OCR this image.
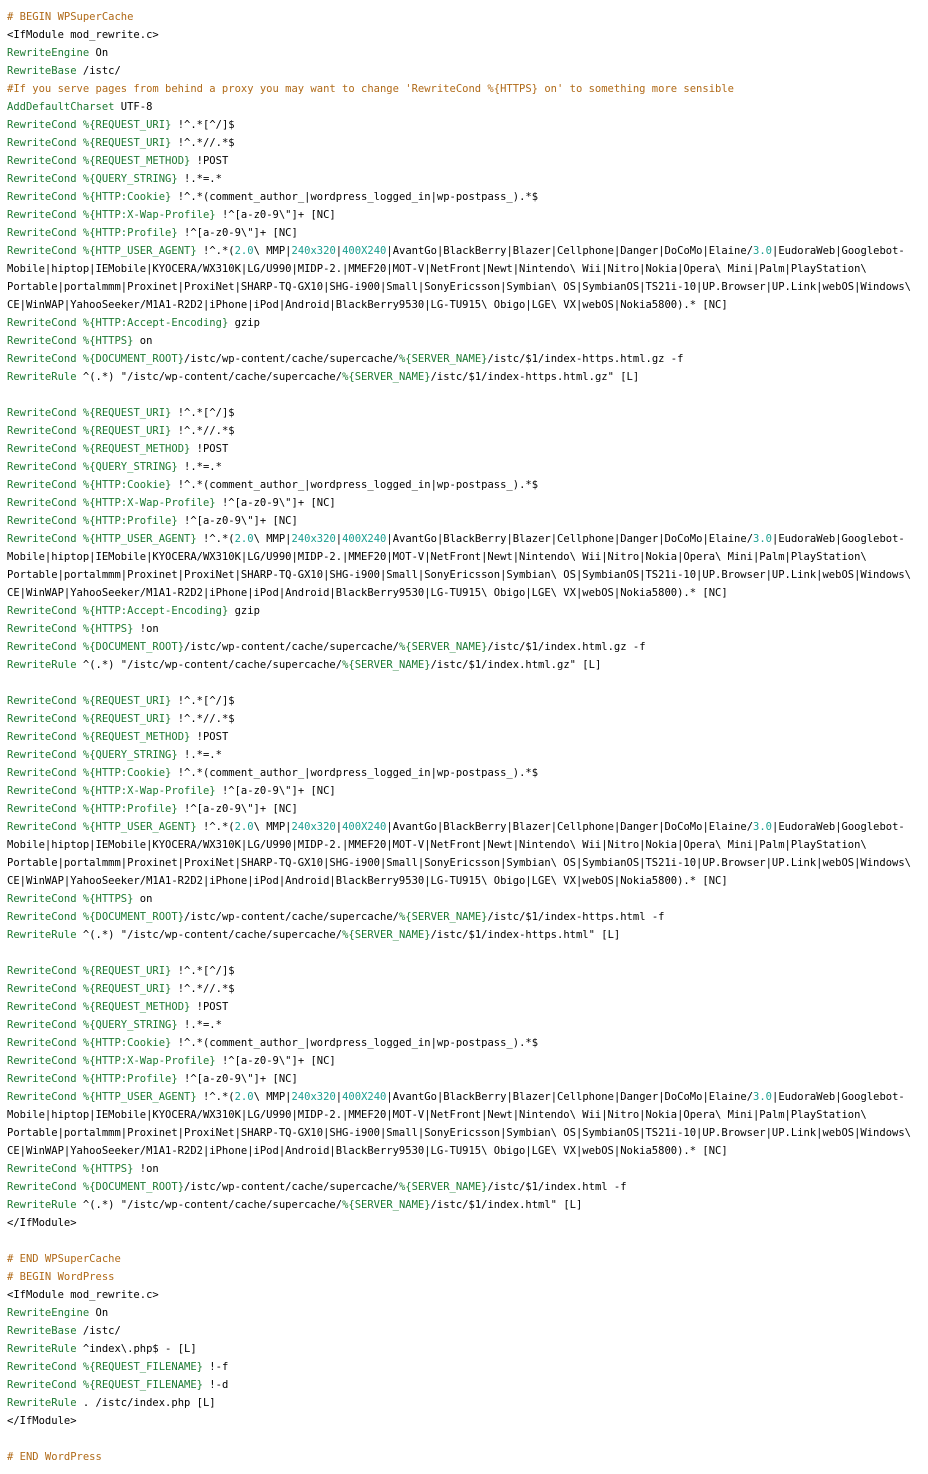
# BEGIN WPSuperCache
<IfModule mod_rewrite.c>
RewriteEngine On
RewriteBase /istc/
#If you serve pages from behind a proxy you may want to change 'RewriteCond %{HTTPS} on' to something more sensible
AddDefaultCharset UTF-8
RewriteCond %{REQUEST_URI} !^.*[^/]$
RewriteCond %{REQUEST_URI} !^.*//.*$
RewriteCond %{REQUEST_METHOD} !POST
RewriteCond %{QUERY_STRING} !.*=.*
RewriteCond %{HTTP:Cookie} !^.*(comment_author_|wordpress_logged_in|wp-postpass_).*$
RewriteCond %{HTTP:X-Wap-Profile} !^[a-z0-9\"]+ [NC]
RewriteCond %{HTTP:Profile} !^[a-z0-9\"]+ [NC]
RewriteCond %{HTTP_USER_AGENT} !^.*(2.0\ MMP|240x320|400X240|AvantGo|BlackBerry|Blazer|Cellphone|Danger|DoCoMo|Elaine/3.0|EudoraWeb|Googlebot-
Mobile|hiptop|IEMobile|KYOCERA/WX310K|LG/U990|MIDP-2.|MMEF20|MOT-V|NetFront|Newt|Nintendo\ Wii|Nitro|Nokia|Opera\ Mini|Palm|PlayStation\
Portable|portalmmm|Proxinet|ProxiNet|SHARP-TQ-GX10|SHG-i900|Small|SonyEricsson|Symbian\ OS|SymbianOS|TS21i-10|UP.Browser|UP.Link|webOS|Windows\
CE|WinWAP|YahooSeeker/M1A1-R2D2|iPhone|iPod|Android|BlackBerry9530|LG-TU915\ Obigo|LGE\ VX|webOS|Nokia5800).* [NC]
RewriteCond %{HTTP:Accept-Encoding} gzip
RewriteCond %{HTTPS} on
RewriteCond %{DOCUMENT_ROOT}/istc/wp-content/cache/supercache/%{SERVER_NAME}/istc/$1/index-https.html.gz -f
RewriteRule ^(.*) "/istc/wp-content/cache/supercache/%{SERVER_NAME}/istc/$1/index-https.html.gz" [L]
RewriteCond %{REQUEST_URI} !^.*[^/]$
RewriteCond %{REQUEST_URI} !^.*//.*$
RewriteCond %{REQUEST_METHOD} !POST
RewriteCond %{QUERY_STRING} !.*=.*
RewriteCond %{HTTP:Cookie} !^.*(comment_author_|wordpress_logged_in|wp-postpass_).*$
RewriteCond %{HTTP:X-Wap-Profile} !^[a-z0-9\"]+ [NC]
RewriteCond %{HTTP:Profile} !^[a-z0-9\"]+ [NC]
RewriteCond %{HTTP_USER_AGENT} !^.*(2.0\ MMP|240x320|400X240|AvantGo|BlackBerry|Blazer|Cellphone|Danger|DoCoMo|Elaine/3.0|EudoraWeb|Googlebot-
Mobile|hiptop|IEMobile|KYOCERA/WX310K|LG/U990|MIDP-2.|MMEF20|MOT-V|NetFront|Newt|Nintendo\ Wii|Nitro|Nokia|Opera\ Mini|Palm|PlayStation\
Portable|portalmmm|Proxinet|ProxiNet|SHARP-TQ-GX10|SHG-i900|Small|SonyEricsson|Symbian\ OS|SymbianOS|TS21i-10|UP.Browser|UP.Link|webOS|Windows\
CE|WinWAP|YahooSeeker/M1A1-R2D2|iPhone|iPod|Android|BlackBerry9530|LG-TU915\ Obigo|LGE\ VX|webOS|Nokia5800).* [NC]
RewriteCond %{HTTP:Accept-Encoding} gzip
RewriteCond %{HTTPS} !on
RewriteCond %{DOCUMENT_ROOT}/istc/wp-content/cache/supercache/%{SERVER_NAME}/istc/$1/index.html.gz -f
RewriteRule ^(.*) "/istc/wp-content/cache/supercache/%{SERVER_NAME}/istc/$1/index.html.gz" [L]
RewriteCond %{REQUEST_URI} !^.*[^/]$
RewriteCond %{REQUEST_URI} !^.*//.*$
RewriteCond %{REQUEST_METHOD} !POST
RewriteCond %{QUERY_STRING} !.*=.*
RewriteCond %{HTTP:Cookie} !^.*(comment_author_|wordpress_logged_in|wp-postpass_).*$
RewriteCond %{HTTP:X-Wap-Profile} !^[a-z0-9\"]+ [NC]
RewriteCond %{HTTP:Profile} !^[a-z0-9\"]+ [NC]
RewriteCond %{HTTP_USER_AGENT} !^.*(2.0\ MMP|240x320|400X240|AvantGo|BlackBerry|Blazer|Cellphone|Danger|DoCoMo|Elaine/3.0|EudoraWeb|Googlebot-
Mobile|hiptop|IEMobile|KYOCERA/WX310K|LG/U990|MIDP-2.|MMEF20|MOT-V|NetFront|Newt|Nintendo\ Wii|Nitro|Nokia|Opera\ Mini|Palm|PlayStation\
Portable|portalmmm|Proxinet|ProxiNet|SHARP-TQ-GX10|SHG-i900|Small|SonyEricsson|Symbian\ OS|SymbianOS|TS21i-10|UP.Browser|UP.Link|webOS|Windows\
CE|WinWAP|YahooSeeker/M1A1-R2D2|iPhone|iPod|Android|BlackBerry9530|LG-TU915\ Obigo|LGE\ VX|webOS|Nokia5800).* [NC]
RewriteCond %{HTTPS} on
RewriteCond %{DOCUMENT_ROOT}/istc/wp-content/cache/supercache/%{SERVER_NAME}/istc/$1/index-https.html -f
RewriteRule ^(.*) "/istc/wp-content/cache/supercache/%{SERVER_NAME}/istc/$1/index-https.html" [L]
RewriteCond %{REQUEST_URI} !^.*[^/]$
RewriteCond %{REQUEST_URI} !^.*//.*$
RewriteCond %{REQUEST_METHOD} !POST
RewriteCond %{QUERY_STRING} !.*=.*
RewriteCond %{HTTP:Cookie} !^.*(comment_author_|wordpress_logged_in|wp-postpass_).*$
RewriteCond %{HTTP:X-Wap-Profile} !^[a-z0-9\"]+ [NC]
RewriteCond %{HTTP:Profile} !^[a-z0-9\"]+ [NC]
RewriteCond %{HTTP_USER_AGENT} !^.*(2.0\ MMP|240x320|400X240|AvantGo|BlackBerry|Blazer|Cellphone|Danger|DoCoMo|Elaine/3.0|EudoraWeb|Googlebot-
Mobile|hiptop|IEMobile|KYOCERA/WX310K|LG/U990|MIDP-2.|MMEF20|MOT-V|NetFront|Newt|Nintendo\ Wii|Nitro|Nokia|Opera\ Mini|Palm|PlayStation\
Portable|portalmmm|Proxinet|ProxiNet|SHARP-TQ-GX10|SHG-i900|Small|SonyEricsson|Symbian\ OS|SymbianOS|TS21i-10|UP.Browser|UP.Link|webOS|Windows\
CE|WinWAP|YahooSeeker/M1A1-R2D2|iPhone|iPod|Android|BlackBerry9530|LG-TU915\ Obigo|LGE\ VX|webOS|Nokia5800).* [NC]
RewriteCond %{HTTPS} !on
RewriteCond %{DOCUMENT_ROOT}/istc/wp-content/cache/supercache/%{SERVER_NAME}/istc/$1/index.html -f
RewriteRule ^(.*) "/istc/wp-content/cache/supercache/%{SERVER_NAME}/istc/$1/index.html" [L]
</IfModule>
# END WPSuperCache
# BEGIN WordPress
<IfModule mod_rewrite.c>
RewriteEngine On
RewriteBase /istc/
RewriteRule ^index\.php$ - [L]
RewriteCond %{REQUEST_FILENAME} !-f
RewriteCond %{REQUEST_FILENAME} !-d
RewriteRule . /istc/index.php [L]
</IfModule>
# END WordPress
